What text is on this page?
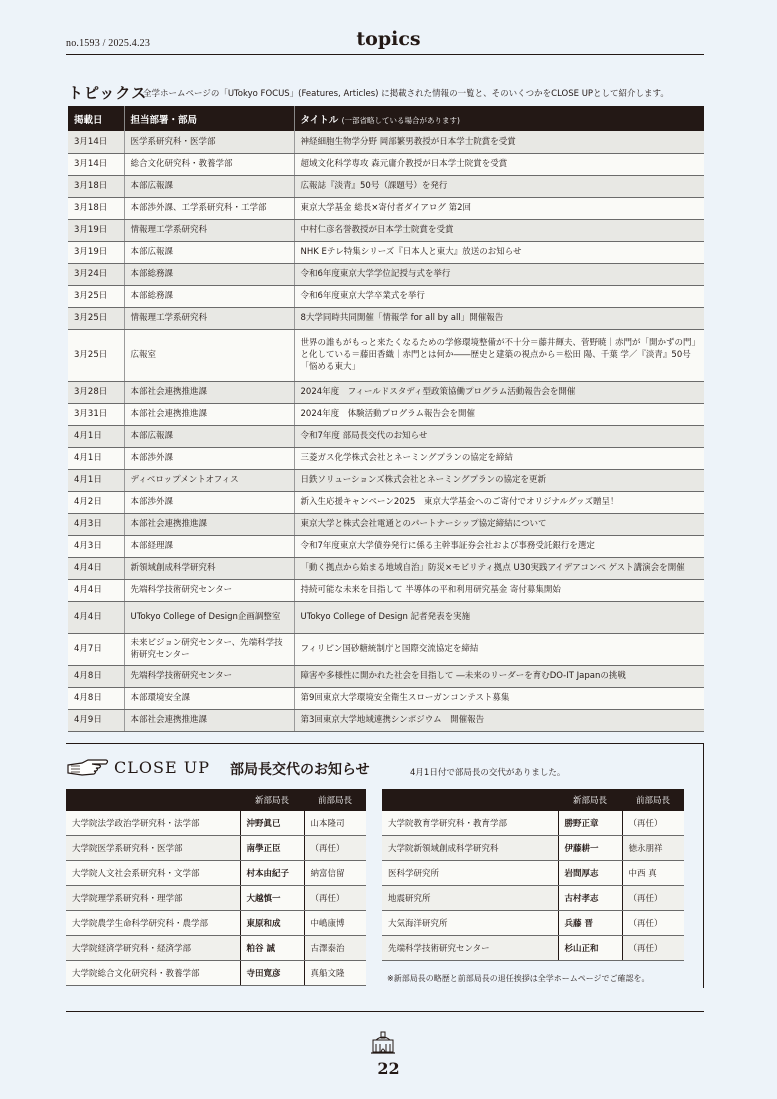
no.1593 / 2025.4.23	topics
トピックス
全学ホームページの「UTokyo FOCUS」(Features, Articles) に掲載された情報の一覧と、そのいくつかをCLOSE UPとして紹介します。
掲載日	担当部署・部局	タイトル (一部省略している場合があります)
3月14日	医学系研究科・医学部	神経細胞生物学分野 岡部繁男教授が日本学士院賞を受賞
3月14日	総合文化研究科・教養学部	超域文化科学専攻 森元庸介教授が日本学士院賞を受賞
3月18日	本部広報課	広報誌『淡青』50号（課題号）を発行
3月18日	本部渉外課、工学系研究科・工学部	東京大学基金 総長×寄付者ダイアログ 第2回
3月19日	情報理工学系研究科	中村仁彦名誉教授が日本学士院賞を受賞
3月19日	本部広報課	NHK Eテレ特集シリーズ『日本人と東大』放送のお知らせ
3月24日	本部総務課	令和6年度東京大学学位記授与式を挙行
3月25日	本部総務課	令和6年度東京大学卒業式を挙行
3月25日	情報理工学系研究科	8大学同時共同開催「情報学 for all by all」開催報告
3月25日	広報室	世界の誰もがもっと来たくなるための学修環境整備が不十分＝藤井輝夫、菅野暁｜赤門が「開かずの門」と化している＝藤田香織｜赤門とは何か――歴史と建築の視点から＝松田 陽、千葉 学／『淡青』50号「悩める東大」
3月28日	本部社会連携推進課	2024年度　フィールドスタディ型政策協働プログラム活動報告会を開催
3月31日	本部社会連携推進課	2024年度　体験活動プログラム報告会を開催
4月1日	本部広報課	令和7年度 部局長交代のお知らせ
4月1日	本部渉外課	三菱ガス化学株式会社とネーミングプランの協定を締結
4月1日	ディベロップメントオフィス	日鉄ソリューションズ株式会社とネーミングプランの協定を更新
4月2日	本部渉外課	新入生応援キャンペーン2025　東京大学基金へのご寄付でオリジナルグッズ贈呈！
4月3日	本部社会連携推進課	東京大学と株式会社電通とのパートナーシップ協定締結について
4月3日	本部経理課	令和7年度東京大学債券発行に係る主幹事証券会社および事務受託銀行を選定
4月4日	新領域創成科学研究科	「動く拠点から始まる地域自治」防災×モビリティ拠点 U30実践アイデアコンペ ゲスト講演会を開催
4月4日	先端科学技術研究センター	持続可能な未来を目指して 半導体の平和利用研究基金 寄付募集開始
4月4日	UTokyo College of Design企画調整室	UTokyo College of Design 記者発表を実施
4月7日	未来ビジョン研究センター、先端科学技術研究センター	フィリピン国砂糖統制庁と国際交流協定を締結
4月8日	先端科学技術研究センター	障害や多様性に開かれた社会を目指して ―未来のリーダーを育むDO-IT Japanの挑戦
4月8日	本部環境安全課	第9回東京大学環境安全衛生スローガンコンテスト募集
4月9日	本部社会連携推進課	第3回東京大学地域連携シンポジウム　開催報告
CLOSE UP 部局長交代のお知らせ	4月1日付で部局長の交代がありました。
	新部局長	前部局長
大学院法学政治学研究科・法学部	沖野眞已	山本隆司
大学院医学系研究科・医学部	南學正臣	（再任）
大学院人文社会系研究科・文学部	村本由紀子	納富信留
大学院理学系研究科・理学部	大越慎一	（再任）
大学院農学生命科学研究科・農学部	東原和成	中嶋康博
大学院経済学研究科・経済学部	粕谷 誠	古澤泰治
大学院総合文化研究科・教養学部	寺田寛彦	真船文隆
	新部局長	前部局長
大学院教育学研究科・教育学部	勝野正章	（再任）
大学院新領域創成科学研究科	伊藤耕一	徳永朋祥
医科学研究所	岩間厚志	中西 真
地震研究所	古村孝志	（再任）
大気海洋研究所	兵藤 晋	（再任）
先端科学技術研究センター	杉山正和	（再任）
※新部局長の略歴と前部局長の退任挨拶は全学ホームページでご確認を。
22
